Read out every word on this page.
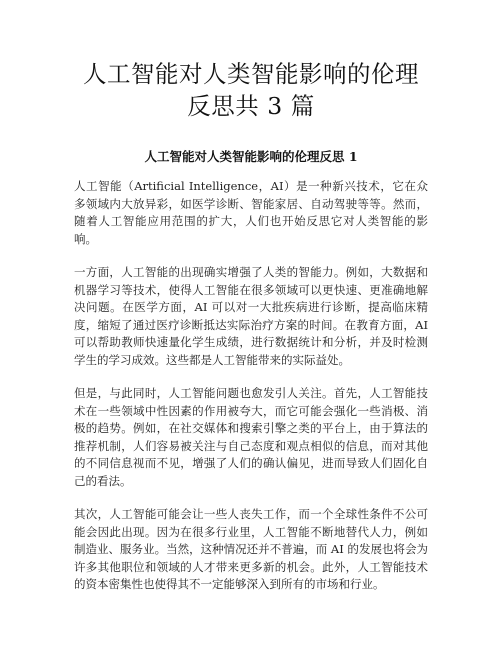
人工智能对人类智能影响的伦理反思共 3 篇
人工智能对人类智能影响的伦理反思 1

人工智能（Artificial Intelligence，AI）是一种新兴技术，它在众多领域内大放异彩，如医学诊断、智能家居、自动驾驶等等。然而，随着人工智能应用范围的扩大，人们也开始反思它对人类智能的影响。

一方面，人工智能的出现确实增强了人类的智能力。例如，大数据和机器学习等技术，使得人工智能在很多领域可以更快速、更准确地解决问题。在医学方面，AI 可以对一大批疾病进行诊断，提高临床精度，缩短了通过医疗诊断抵达实际治疗方案的时间。在教育方面，AI 可以帮助教师快速量化学生成绩，进行数据统计和分析，并及时检测学生的学习成效。这些都是人工智能带来的实际益处。

但是，与此同时，人工智能问题也愈发引人关注。首先，人工智能技术在一些领域中性因素的作用被夸大，而它可能会强化一些消极、消极的趋势。例如，在社交媒体和搜索引擎之类的平台上，由于算法的推荐机制，人们容易被关注与自己态度和观点相似的信息，而对其他的不同信息视而不见，增强了人们的确认偏见，进而导致人们固化自己的看法。

其次，人工智能可能会让一些人丧失工作，而一个全球性条件不公可能会因此出现。因为在很多行业里，人工智能不断地替代人力，例如制造业、服务业。当然，这种情况还并不普遍，而 AI 的发展也将会为许多其他职位和领域的人才带来更多新的机会。此外，人工智能技术的资本密集性也使得其不一定能够深入到所有的市场和行业。
